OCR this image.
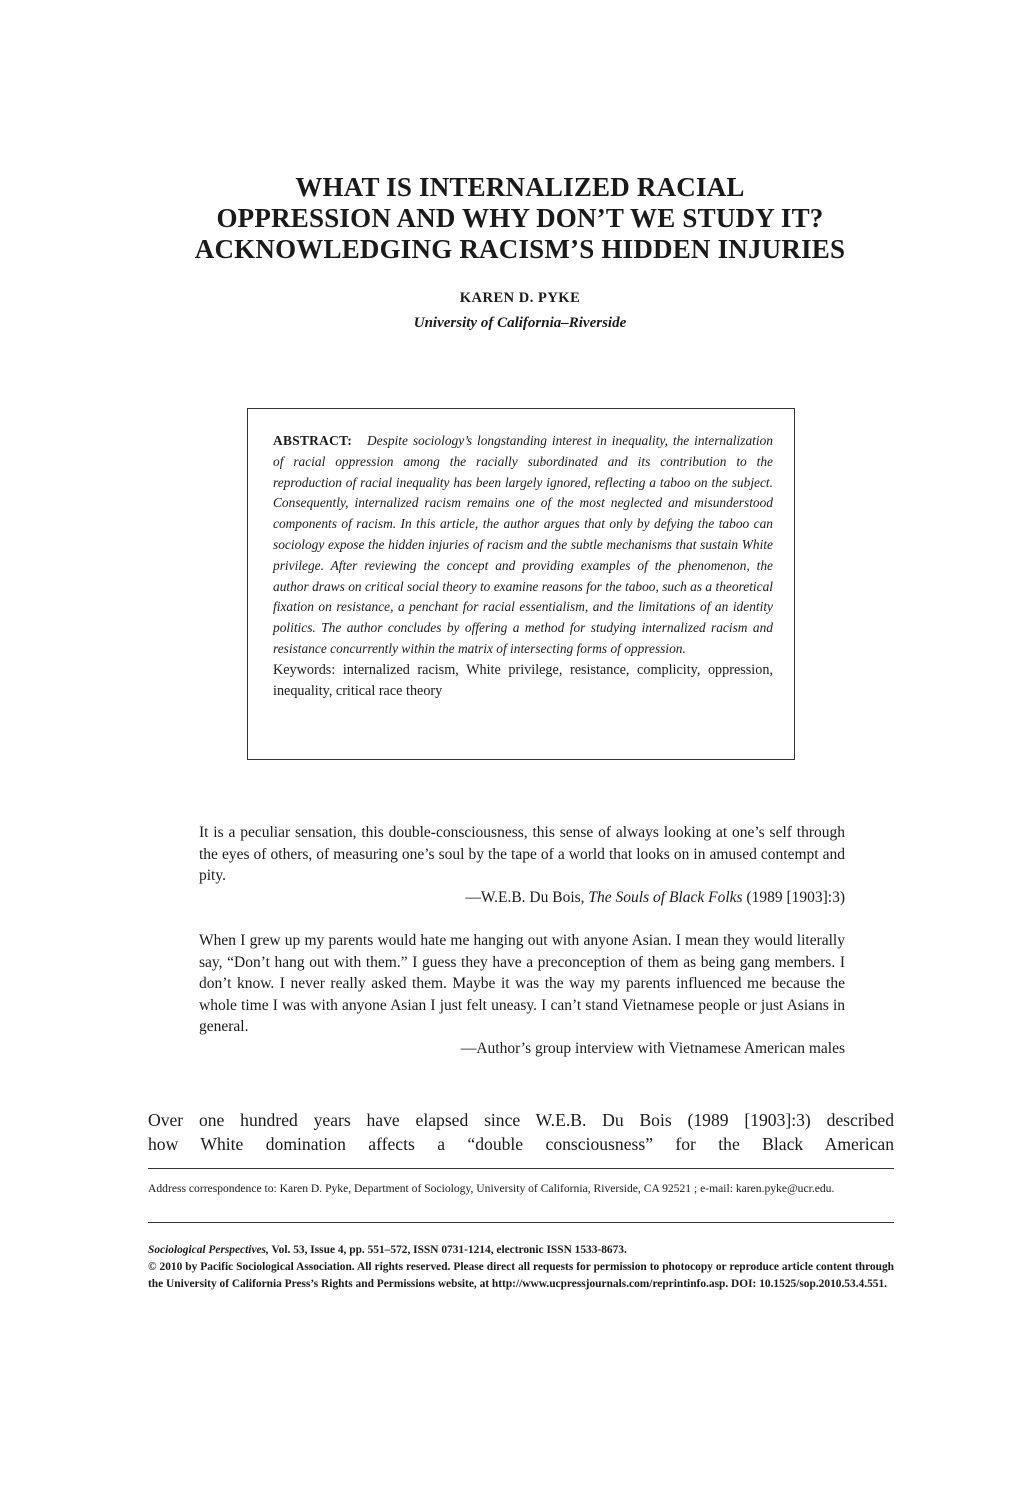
WHAT IS INTERNALIZED RACIAL
OPPRESSION AND WHY DON’T WE STUDY IT?
ACKNOWLEDGING RACISM’S HIDDEN INJURIES
KAREN D. PYKE
University of California–Riverside
ABSTRACT: Despite sociology’s longstanding interest in inequality, the internalization of racial oppression among the racially subordinated and its contribution to the reproduction of racial inequality has been largely ignored, reflecting a taboo on the subject. Consequently, internalized racism remains one of the most neglected and misunderstood components of racism. In this article, the author argues that only by defying the taboo can sociology expose the hidden injuries of racism and the subtle mechanisms that sustain White privilege. After reviewing the concept and providing examples of the phenomenon, the author draws on critical social theory to examine reasons for the taboo, such as a theoretical fixation on resistance, a penchant for racial essentialism, and the limitations of an identity politics. The author concludes by offering a method for studying internalized racism and resistance concurrently within the matrix of intersecting forms of oppression.
Keywords: internalized racism, White privilege, resistance, complicity, oppression, inequality, critical race theory
It is a peculiar sensation, this double-consciousness, this sense of always looking at one’s self through the eyes of others, of measuring one’s soul by the tape of a world that looks on in amused contempt and pity.
—W.E.B. Du Bois, The Souls of Black Folks (1989 [1903]:3)
When I grew up my parents would hate me hanging out with anyone Asian. I mean they would literally say, “Don’t hang out with them.” I guess they have a preconception of them as being gang members. I don’t know. I never really asked them. Maybe it was the way my parents influenced me because the whole time I was with anyone Asian I just felt uneasy. I can’t stand Vietnamese people or just Asians in general.
—Author’s group interview with Vietnamese American males
Over one hundred years have elapsed since W.E.B. Du Bois (1989 [1903]:3) described
how White domination affects a “double consciousness” for the Black American
Address correspondence to: Karen D. Pyke, Department of Sociology, University of California, Riverside, CA 92521 ; e-mail: karen.pyke@ucr.edu.
Sociological Perspectives, Vol. 53, Issue 4, pp. 551–572, ISSN 0731-1214, electronic ISSN 1533-8673.
© 2010 by Pacific Sociological Association. All rights reserved. Please direct all requests for permission to photocopy or reproduce article content through the University of California Press’s Rights and Permissions website, at http://www.ucpressjournals.com/reprintinfo.asp. DOI: 10.1525/sop.2010.53.4.551.
